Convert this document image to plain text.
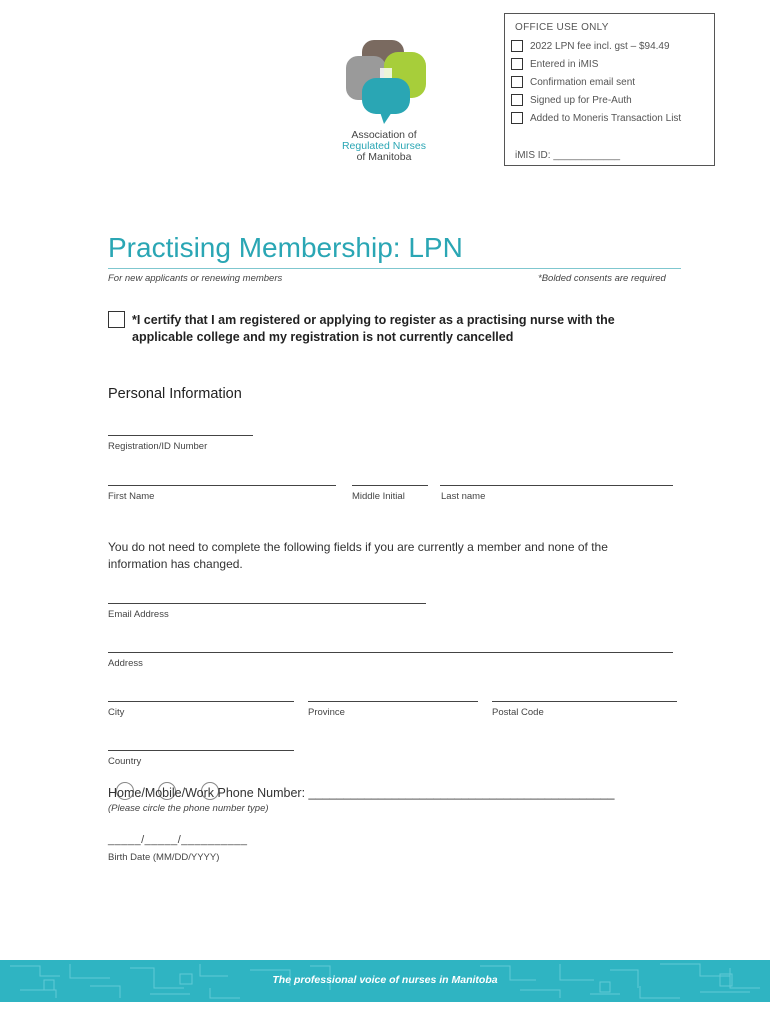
OFFICE USE ONLY
2022 LPN fee incl. gst – $94.49
Entered in iMIS
Confirmation email sent
Signed up for Pre-Auth
Added to Moneris Transaction List
iMIS ID: ____________
Association of
Regulated Nurses
of Manitoba
Practising Membership: LPN
For new applicants or renewing members	*Bolded consents are required
*I certify that I am registered or applying to register as a practising nurse with the applicable college and my registration is not currently cancelled
Personal Information
Registration/ID Number
First Name	Middle Initial	Last name
You do not need to complete the following fields if you are currently a member and none of the information has changed.
Email Address
Address
City	Province	Postal Code
Country
Home/Mobile/Work Phone Number: ____________________________________________
(Please circle the phone number type)
_____/_____/__________
Birth Date (MM/DD/YYYY)
The professional voice of nurses in Manitoba
